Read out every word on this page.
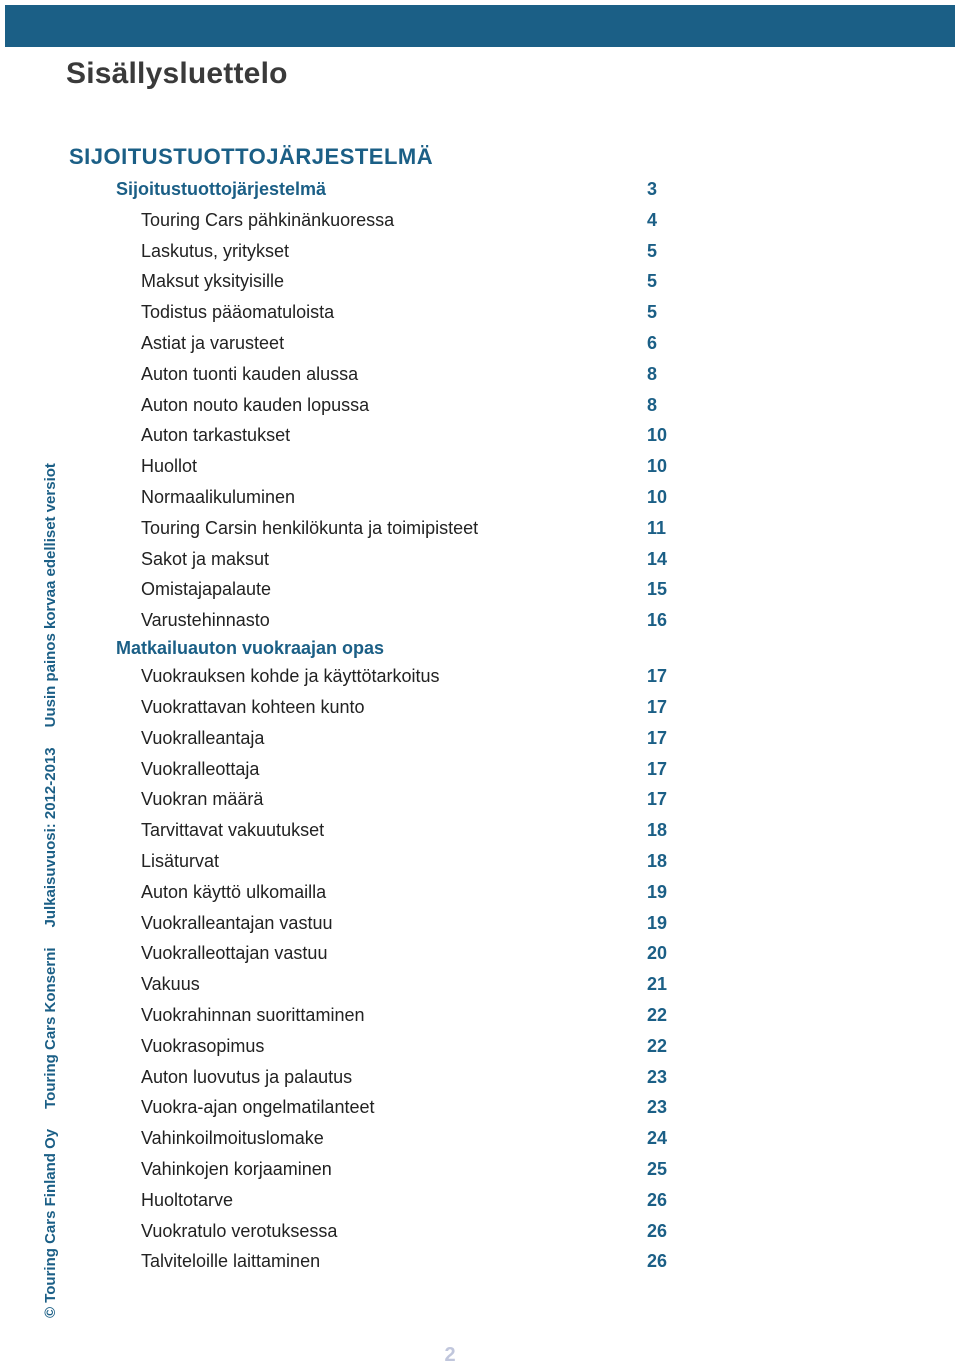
Sisällysluettelo
SIJOITUSTUOTTOJÄRJESTELMÄ
Sijoitustuottojärjestelmä	3
Touring Cars pähkinänkuoressa	4
Laskutus, yritykset	5
Maksut yksityisille	5
Todistus pääomatuloista	5
Astiat ja varusteet	6
Auton tuonti kauden alussa	8
Auton nouto kauden lopussa	8
Auton tarkastukset	10
Huollot	10
Normaalikuluminen	10
Touring Carsin henkilökunta ja toimipisteet	11
Sakot ja maksut	14
Omistajapalaute	15
Varustehinnasto	16
Matkailuauton vuokraajan opas
Vuokrauksen kohde ja käyttötarkoitus	17
Vuokrattavan kohteen kunto	17
Vuokralleantaja	17
Vuokralleottaja	17
Vuokran määrä	17
Tarvittavat vakuutukset	18
Lisäturvat	18
Auton käyttö ulkomailla	19
Vuokralleantajan vastuu	19
Vuokralleottajan vastuu	20
Vakuus	21
Vuokrahinnan suorittaminen	22
Vuokrasopimus	22
Auton luovutus ja palautus	23
Vuokra-ajan ongelmatilanteet	23
Vahinkoilmoituslomake	24
Vahinkojen korjaaminen	25
Huoltotarve	26
Vuokratulo verotuksessa	26
Talviteloille laittaminen	26
© Touring Cars Finland OyTouring Cars KonserniJulkaisuvuosi: 2012-2013Uusin painos korvaa edelliset versiot
2
